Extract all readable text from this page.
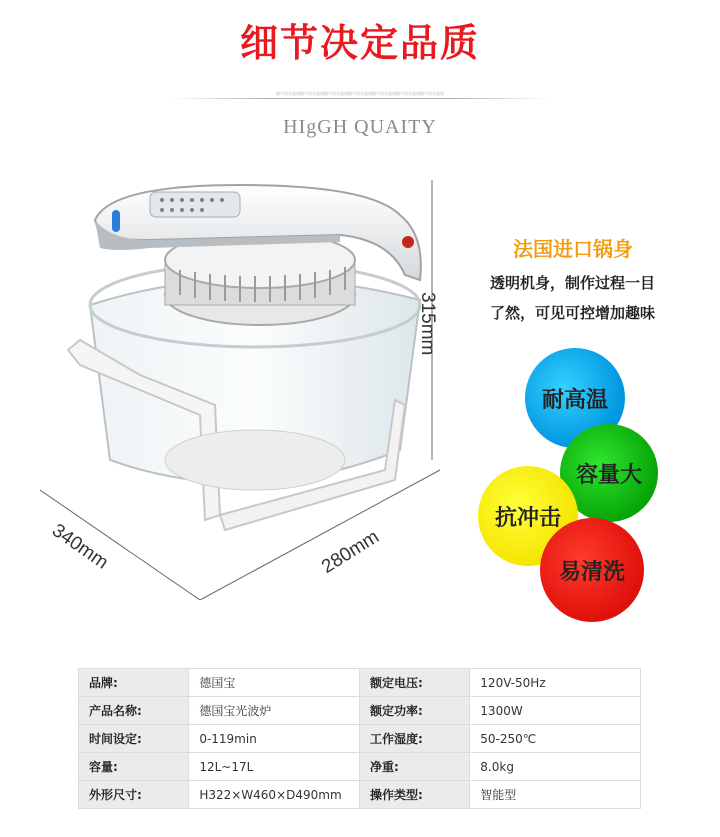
细节决定品质
细节决定品质细节决定品质细节决定品质细节决定品质细节决定品质细节决定品质细节决定品质
HIgGH QUAITY
315mm
340mm	280mm
法国进口锅身
透明机身，制作过程一目
了然，可见可控增加趣味
耐高温
容量大
抗冲击
易清洗
品牌:	德国宝	额定电压:	120V-50Hz
产品名称:	德国宝光波炉	额定功率:	1300W
时间设定:	0-119min	工作湿度:	50-250℃
容量:	12L~17L	净重:	8.0kg
外形尺寸:	H322×W460×D490mm	操作类型:	智能型
